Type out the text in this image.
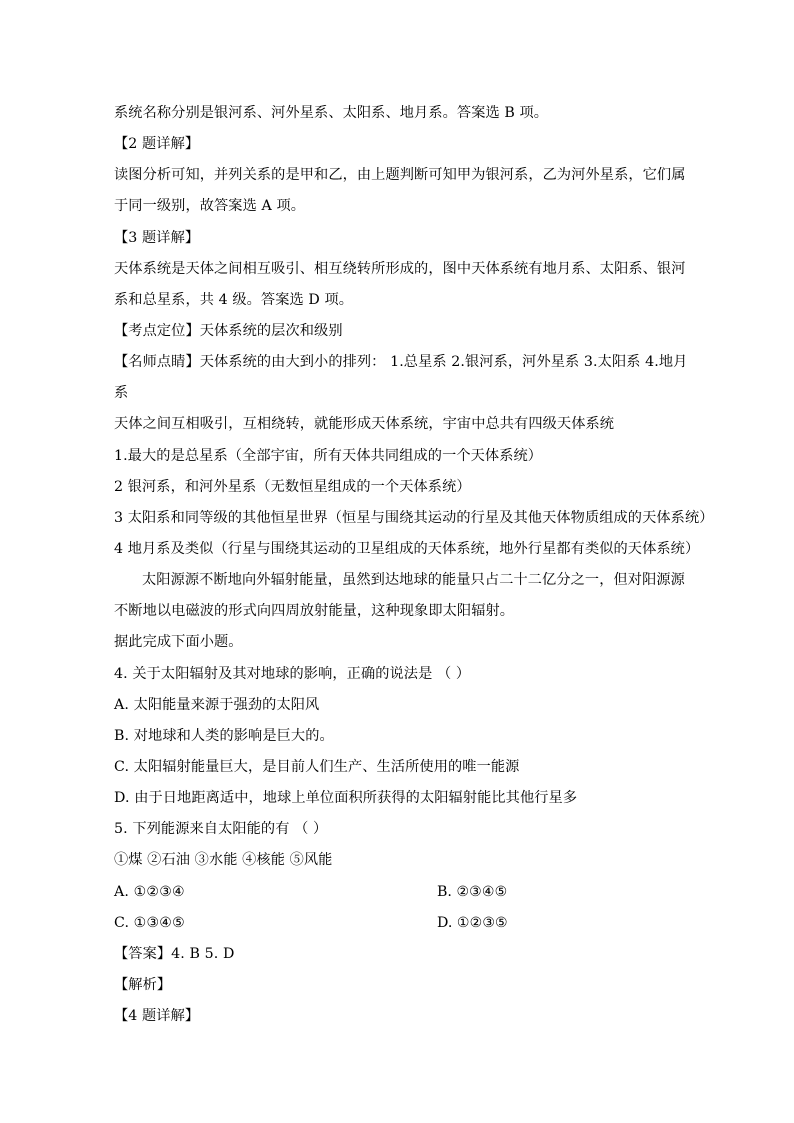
系统名称分别是银河系、河外星系、太阳系、地月系。答案选 B 项。
【2 题详解】
读图分析可知，并列关系的是甲和乙，由上题判断可知甲为银河系，乙为河外星系，它们属
于同一级别，故答案选 A 项。
【3 题详解】
天体系统是天体之间相互吸引、相互绕转所形成的，图中天体系统有地月系、太阳系、银河
系和总星系，共 4 级。答案选 D 项。
【考点定位】天体系统的层次和级别
【名师点睛】天体系统的由大到小的排列： 1.总星系 2.银河系，河外星系 3.太阳系 4.地月
系
天体之间互相吸引，互相绕转，就能形成天体系统，宇宙中总共有四级天体系统
1.最大的是总星系（全部宇宙，所有天体共同组成的一个天体系统）
2 银河系，和河外星系（无数恒星组成的一个天体系统）
3 太阳系和同等级的其他恒星世界（恒星与围绕其运动的行星及其他天体物质组成的天体系统）
4 地月系及类似（行星与围绕其运动的卫星组成的天体系统，地外行星都有类似的天体系统）
太阳源源不断地向外辐射能量，虽然到达地球的能量只占二十二亿分之一，但对阳源源
不断地以电磁波的形式向四周放射能量，这种现象即太阳辐射。
据此完成下面小题。
4. 关于太阳辐射及其对地球的影响，正确的说法是 （ ）
A. 太阳能量来源于强劲的太阳风
B. 对地球和人类的影响是巨大的。
C. 太阳辐射能量巨大，是目前人们生产、生活所使用的唯一能源
D. 由于日地距离适中，地球上单位面积所获得的太阳辐射能比其他行星多
5. 下列能源来自太阳能的有 （ ）
①煤 ②石油 ③水能 ④核能 ⑤风能
A. ①②③④	B. ②③④⑤
C. ①③④⑤	D. ①②③⑤
【答案】4. B 5. D
【解析】
【4 题详解】
